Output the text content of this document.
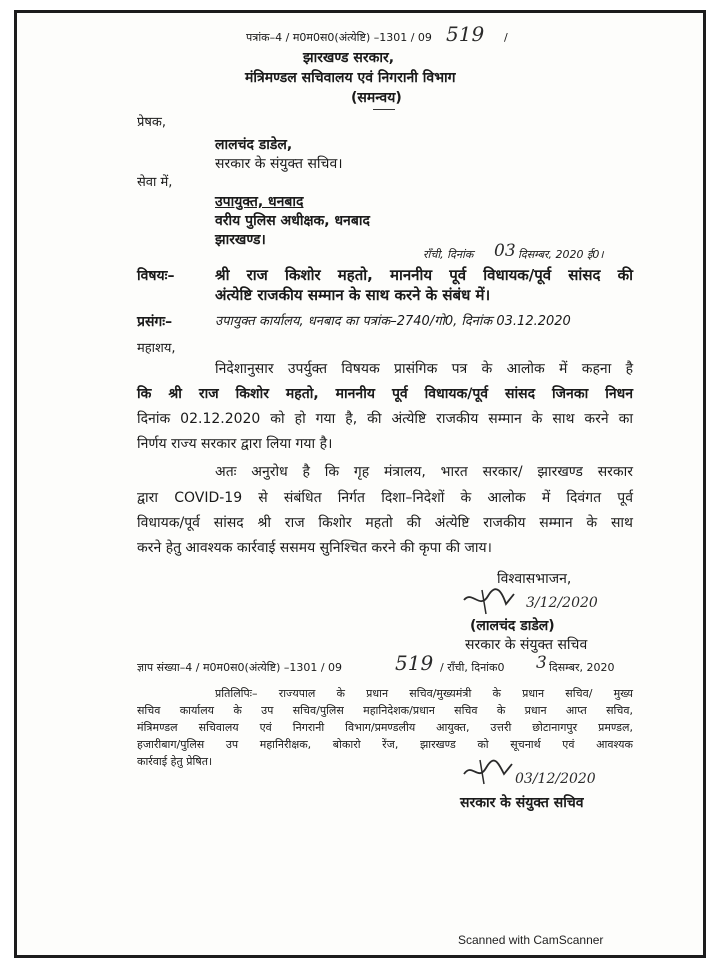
पत्रांक–4 / म0म0स0(अंत्येष्टि) –1301 / 09 519 /
झारखण्ड सरकार,
मंत्रिमण्डल सचिवालय एवं निगरानी विभाग
(समन्वय)
प्रेषक,
लालचंद डाडेल,
सरकार के संयुक्त सचिव।
सेवा में,
उपायुक्त, धनबाद
वरीय पुलिस अधीक्षक, धनबाद
झारखण्ड।
राँची, दिनांक 03 दिसम्बर, 2020 ई0।
विषयः–	श्री राज किशोर महतो, माननीय पूर्व विधायक/पूर्व सांसद की
अंत्येष्टि राजकीय सम्मान के साथ करने के संबंध में।
प्रसंगः–	उपायुक्त कार्यालय, धनबाद का पत्रांक–2740/गो0, दिनांक 03.12.2020
महाशय,
निदेशानुसार उपर्युक्त विषयक प्रासंगिक पत्र के आलोक में कहना है
कि श्री राज किशोर महतो, माननीय पूर्व विधायक/पूर्व सांसद जिनका निधन
दिनांक 02.12.2020 को हो गया है, की अंत्येष्टि राजकीय सम्मान के साथ करने का
निर्णय राज्य सरकार द्वारा लिया गया है।
अतः अनुरोध है कि गृह मंत्रालय, भारत सरकार/ झारखण्ड सरकार
द्वारा COVID-19 से संबंधित निर्गत दिशा–निदेशों के आलोक में दिवंगत पूर्व
विधायक/पूर्व सांसद श्री राज किशोर महतो की अंत्येष्टि राजकीय सम्मान के साथ
करने हेतु आवश्यक कार्रवाई ससमय सुनिश्चित करने की कृपा की जाय।
विश्वासभाजन,
3/12/2020
(लालचंद डाडेल)
सरकार के संयुक्त सचिव
ज्ञाप संख्या–4 / म0म0स0(अंत्येष्टि) –1301 / 09	519 / राँची, दिनांक0 3 दिसम्बर, 2020
प्रतिलिपिः– राज्यपाल के प्रधान सचिव/मुख्यमंत्री के प्रधान सचिव/ मुख्य
सचिव कार्यालय के उप सचिव/पुलिस महानिदेशक/प्रधान सचिव के प्रधान आप्त सचिव,
मंत्रिमण्डल सचिवालय एवं निगरानी विभाग/प्रमण्डलीय आयुक्त, उत्तरी छोटानागपुर प्रमण्डल,
हजारीबाग/पुलिस उप महानिरीक्षक, बोकारो रेंज, झारखण्ड को सूचनार्थ एवं आवश्यक
कार्रवाई हेतु प्रेषित।
03/12/2020
सरकार के संयुक्त सचिव
Scanned with CamScanner
